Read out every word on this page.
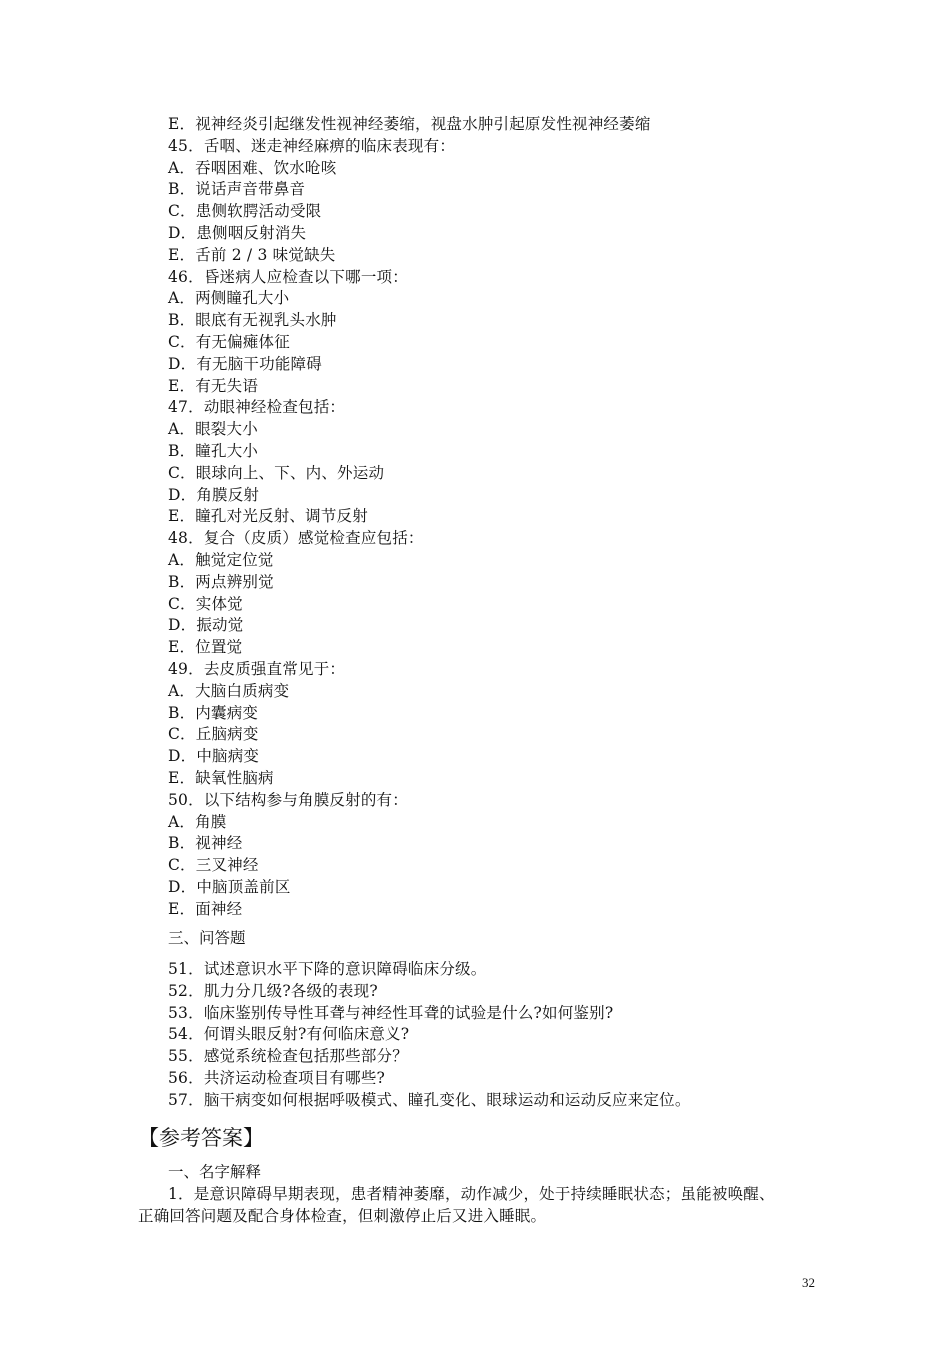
E．视神经炎引起继发性视神经萎缩，视盘水肿引起原发性视神经萎缩
45．舌咽、迷走神经麻痹的临床表现有：
A．吞咽困难、饮水呛咳
B．说话声音带鼻音
C．患侧软腭活动受限
D．患侧咽反射消失
E．舌前 2 / 3 味觉缺失
46．昏迷病人应检查以下哪一项：
A．两侧瞳孔大小
B．眼底有无视乳头水肿
C．有无偏瘫体征
D．有无脑干功能障碍
E．有无失语
47．动眼神经检查包括：
A．眼裂大小
B．瞳孔大小
C．眼球向上、下、内、外运动
D．角膜反射
E．瞳孔对光反射、调节反射
48．复合（皮质）感觉检查应包括：
A．触觉定位觉
B．两点辨别觉
C．实体觉
D．振动觉
E．位置觉
49．去皮质强直常见于：
A．大脑白质病变
B．内囊病变
C．丘脑病变
D．中脑病变
E．缺氧性脑病
50．以下结构参与角膜反射的有：
A．角膜
B．视神经
C．三叉神经
D．中脑顶盖前区
E．面神经
三、问答题
51．试述意识水平下降的意识障碍临床分级。
52．肌力分几级?各级的表现?
53．临床鉴别传导性耳聋与神经性耳聋的试验是什么?如何鉴别?
54．何谓头眼反射?有何临床意义?
55．感觉系统检查包括那些部分？
56．共济运动检查项目有哪些?
57．脑干病变如何根据呼吸模式、瞳孔变化、眼球运动和运动反应来定位。
【参考答案】
一、名字解释
1．是意识障碍早期表现，患者精神萎靡，动作减少，处于持续睡眠状态；虽能被唤醒、
正确回答问题及配合身体检查，但刺激停止后又进入睡眠。
32
